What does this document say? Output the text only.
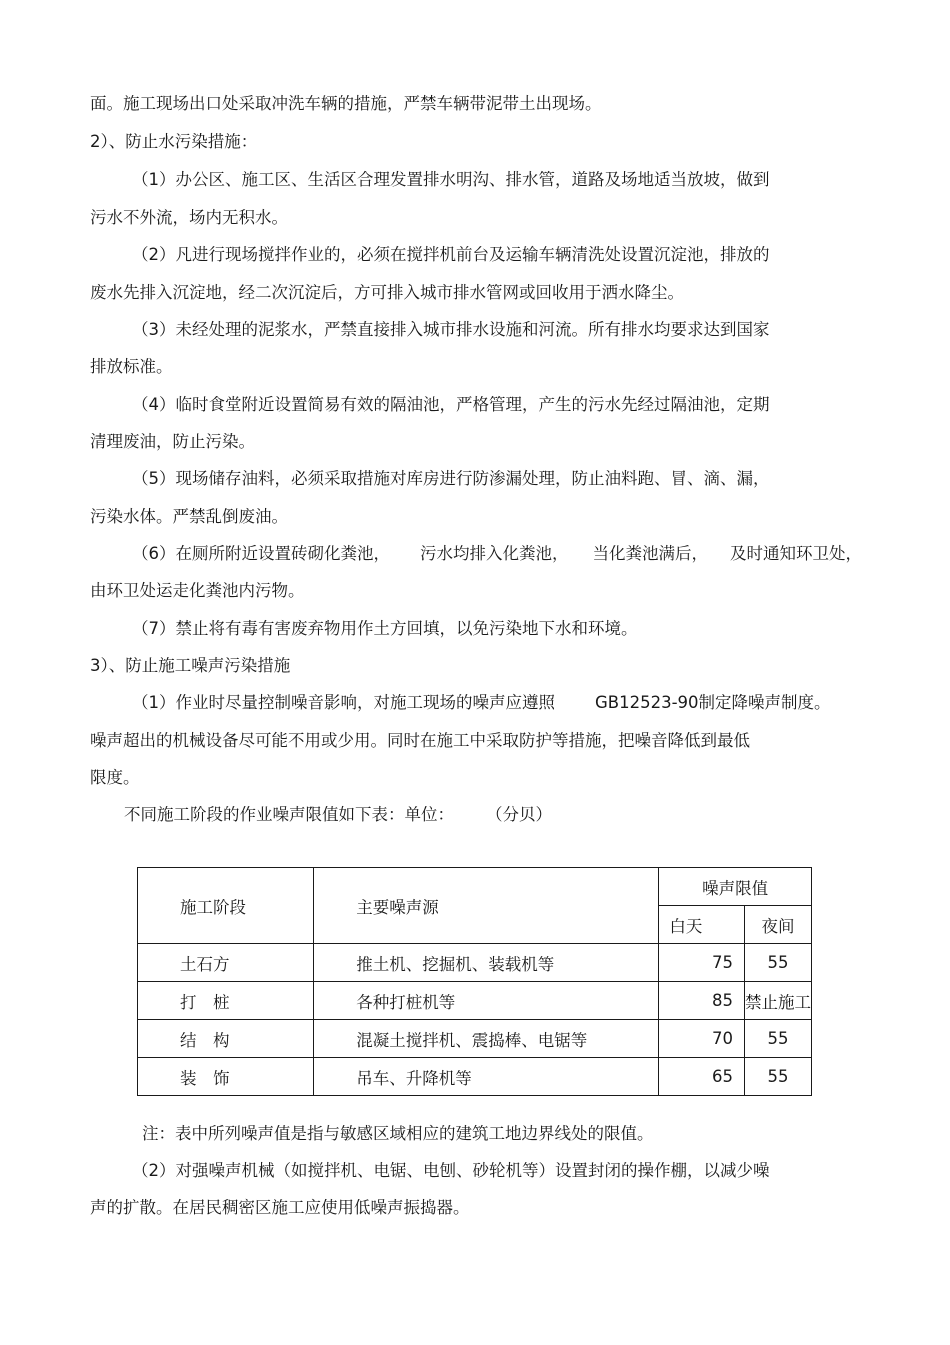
面。施工现场出口处采取冲洗车辆的措施，严禁车辆带泥带土出现场。
2）、防止水污染措施：
（1）办公区、施工区、生活区合理发置排水明沟、排水管，道路及场地适当放坡，做到
污水不外流，场内无积水。
（2）凡进行现场搅拌作业的，必须在搅拌机前台及运输车辆清洗处设置沉淀池，排放的
废水先排入沉淀地，经二次沉淀后，方可排入城市排水管网或回收用于洒水降尘。
（3）未经处理的泥浆水，严禁直接排入城市排水设施和河流。所有排水均要求达到国家
排放标准。
（4）临时食堂附近设置简易有效的隔油池，严格管理，产生的污水先经过隔油池，定期
清理废油，防止污染。
（5）现场储存油料，必须采取措施对库房进行防渗漏处理，防止油料跑、冒、滴、漏，
污染水体。严禁乱倒废油。
（6）在厕所附近设置砖砌化粪池， 污水均排入化粪池， 当化粪池满后， 及时通知环卫处，
由环卫处运走化粪池内污物。
（7）禁止将有毒有害废弃物用作土方回填，以免污染地下水和环境。
3）、防止施工噪声污染措施
（1）作业时尽量控制噪音影响，对施工现场的噪声应遵照 GB12523-90制定降噪声制度。
噪声超出的机械设备尽可能不用或少用。同时在施工中采取防护等措施，把噪音降低到最低
限度。
不同施工阶段的作业噪声限值如下表：单位： （分贝）
施工阶段	主要噪声源	噪声限值	
		白天	夜间
土石方	推土机、挖掘机、装载机等	75	55
打　桩	各种打桩机等	85	禁止施工
结　构	混凝土搅拌机、震捣棒、电锯等	70	55
装　饰	吊车、升降机等	65	55
注：表中所列噪声值是指与敏感区域相应的建筑工地边界线处的限值。
（2）对强噪声机械（如搅拌机、电锯、电刨、砂轮机等）设置封闭的操作棚，以减少噪
声的扩散。在居民稠密区施工应使用低噪声振捣器。
